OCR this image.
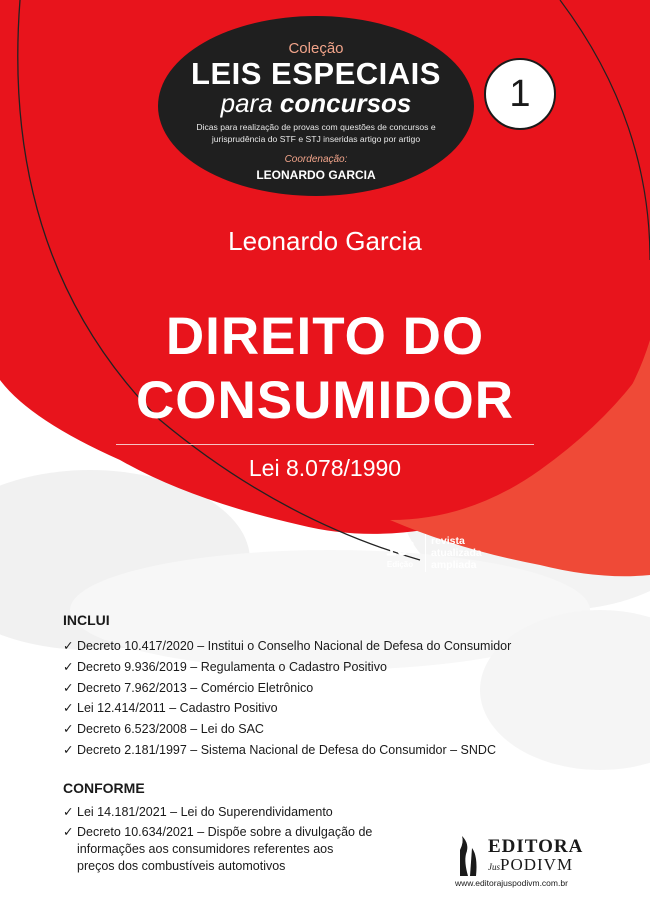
Coleção
LEIS ESPECIAIS
para concursos
Dicas para realização de provas com questões de concursos e jurisprudência do STF e STJ inseridas artigo por artigo
Coordenação:
LEONARDO GARCIA
1
Leonardo Garcia
DIREITO DO
CONSUMIDOR
Lei 8.078/1990
16$^a$
Edição
revista
atualizada
ampliada
INCLUI
✓ Decreto 10.417/2020 – Institui o Conselho Nacional de Defesa do Consumidor
✓ Decreto 9.936/2019 – Regulamenta o Cadastro Positivo
✓ Decreto 7.962/2013 – Comércio Eletrônico
✓ Lei 12.414/2011 – Cadastro Positivo
✓ Decreto 6.523/2008 – Lei do SAC
✓ Decreto 2.181/1997 – Sistema Nacional de Defesa do Consumidor – SNDC
CONFORME
✓ Lei 14.181/2021 – Lei do Superendividamento
✓ Decreto 10.634/2021 – Dispõe sobre a divulgação de
informações aos consumidores referentes aos
preços dos combustíveis automotivos
EDITORA
JusPODIVM
www.editorajuspodivm.com.br
